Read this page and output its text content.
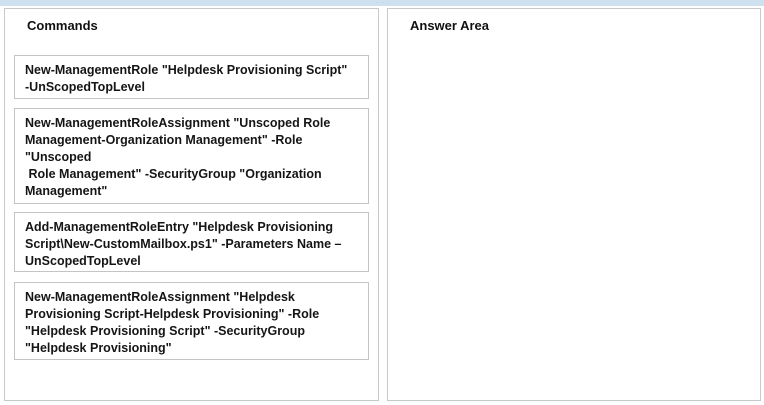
· · ·
Commands
New-ManagementRole "Helpdesk Provisioning Script"
-UnScopedTopLevel
New-ManagementRoleAssignment "Unscoped Role
Management-Organization Management" -Role
"Unscoped
Role Management" -SecurityGroup "Organization
Management"
Add-ManagementRoleEntry "Helpdesk Provisioning
Script\New-CustomMailbox.ps1" -Parameters Name –
UnScopedTopLevel
New-ManagementRoleAssignment "Helpdesk
Provisioning Script-Helpdesk Provisioning" -Role
"Helpdesk Provisioning Script" -SecurityGroup
"Helpdesk Provisioning"
Answer Area
